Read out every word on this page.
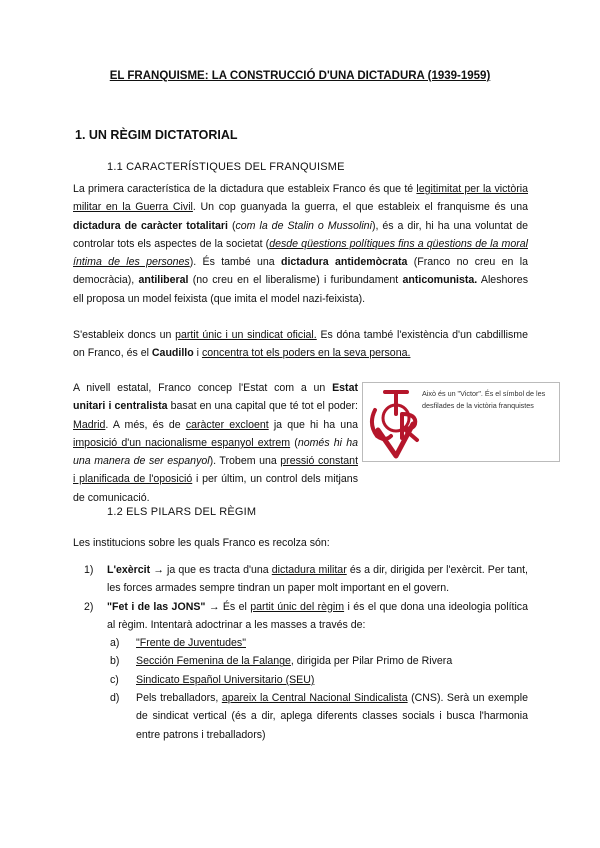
EL FRANQUISME: LA CONSTRUCCIÓ D'UNA DICTADURA (1939-1959)
1. UN RÈGIM DICTATORIAL
1.1 CARACTERÍSTIQUES DEL FRANQUISME

La primera característica de la dictadura que estableix Franco és que té legitimitat per la victòria militar en la Guerra Civil. Un cop guanyada la guerra, el que estableix el franquisme és una dictadura de caràcter totalitari (com la de Stalin o Mussolini), és a dir, hi ha una voluntat de controlar tots els aspectes de la societat (desde qüestions polítiques fins a qüestions de la moral íntima de les persones). És també una dictadura antidemòcrata (Franco no creu en la democràcia), antiliberal (no creu en el liberalisme) i furibundament anticomunista. Aleshores ell proposa un model feixista (que imita el model nazi-feixista).

S'estableix doncs un partit únic i un sindicat oficial. Es dóna també l'existència d'un cabdillisme on Franco, és el Caudillo i concentra tot els poders en la seva persona.

A nivell estatal, Franco concep l'Estat com a un Estat unitari i centralista basat en una capital que té tot el poder: Madrid. A més, és de caràcter excloent ja que hi ha una imposició d'un nacionalisme espanyol extrem (només hi ha una manera de ser espanyol). Trobem una pressió constant i planificada de l'oposició i per últim, un control dels mitjans de comunicació.

Això és un "Victor". És el símbol de les desfilades de la victòria franquistes
1.2 ELS PILARS DEL RÈGIM
Les institucions sobre les quals Franco es recolza són:
1) L'exèrcit → ja que es tracta d'una dictadura militar és a dir, dirigida per l'exèrcit. Per tant, les forces armades sempre tindran un paper molt important en el govern.
2) "Fet i de las JONS" → És el partit únic del règim i és el que dona una ideologia política al règim. Intentarà adoctrinar a les masses a través de:
a) "Frente de Juventudes"
b) Sección Femenina de la Falange, dirigida per Pilar Primo de Rivera
c) Sindicato Español Universitario (SEU)
d) Pels treballadors, apareix la Central Nacional Sindicalista (CNS). Serà un exemple de sindicat vertical (és a dir, aplega diferents classes socials i busca l'harmonia entre patrons i treballadors)
